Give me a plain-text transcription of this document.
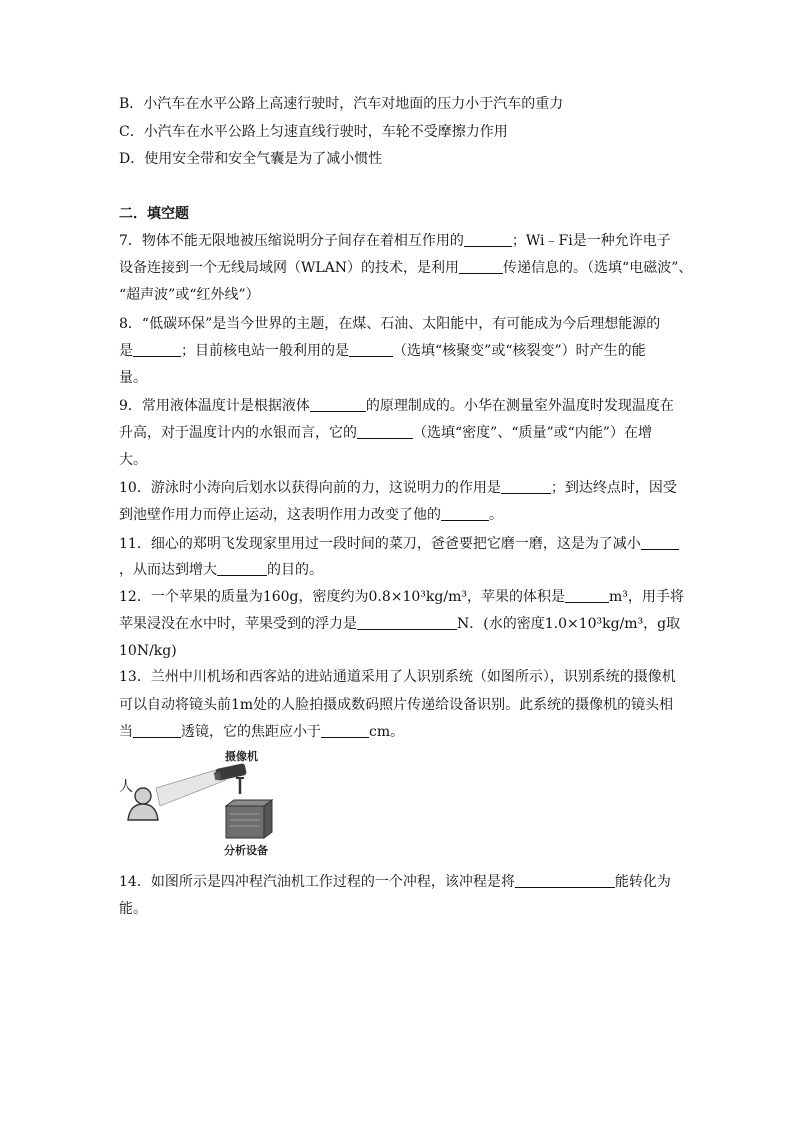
B．小汽车在水平公路上高速行驶时，汽车对地面的压力小于汽车的重力
C．小汽车在水平公路上匀速直线行驶时，车轮不受摩擦力作用
D．使用安全带和安全气囊是为了减小惯性
二．填空题
7．物体不能无限地被压缩说明分子间存在着相互作用的	；Wi﹣Fi是一种允许电子
设备连接到一个无线局域网（WLAN）的技术，是利用	传递信息的。（选填“电磁波”、
“超声波”或“红外线”）
8．“低碳环保”是当今世界的主题，在煤、石油、太阳能中，有可能成为今后理想能源的
是	；目前核电站一般利用的是	（选填“核聚变”或“核裂变”）时产生的能
量。
9．常用液体温度计是根据液体	的原理制成的。小华在测量室外温度时发现温度在
升高，对于温度计内的水银而言，它的	（选填“密度”、“质量”或“内能”）在增
大。
10．游泳时小涛向后划水以获得向前的力，这说明力的作用是	；到达终点时，因受
到池壁作用力而停止运动，这表明作用力改变了他的	。
11．细心的郑明飞发现家里用过一段时间的菜刀，爸爸要把它磨一磨，这是为了减小
，从而达到增大	的目的。
12．一个苹果的质量为160g，密度约为0.8×10³kg/m³，苹果的体积是	m³，用手将
苹果浸没在水中时，苹果受到的浮力是	N．(水的密度1.0×10³kg/m³，g取
10N/kg)
13．兰州中川机场和西客站的进站通道采用了人识别系统（如图所示），识别系统的摄像机
可以自动将镜头前1m处的人脸拍摄成数码照片传递给设备识别。此系统的摄像机的镜头相
当	透镜，它的焦距应小于	cm。
人
摄像机
分析设备
14．如图所示是四冲程汽油机工作过程的一个冲程，该冲程是将	能转化为
能。
